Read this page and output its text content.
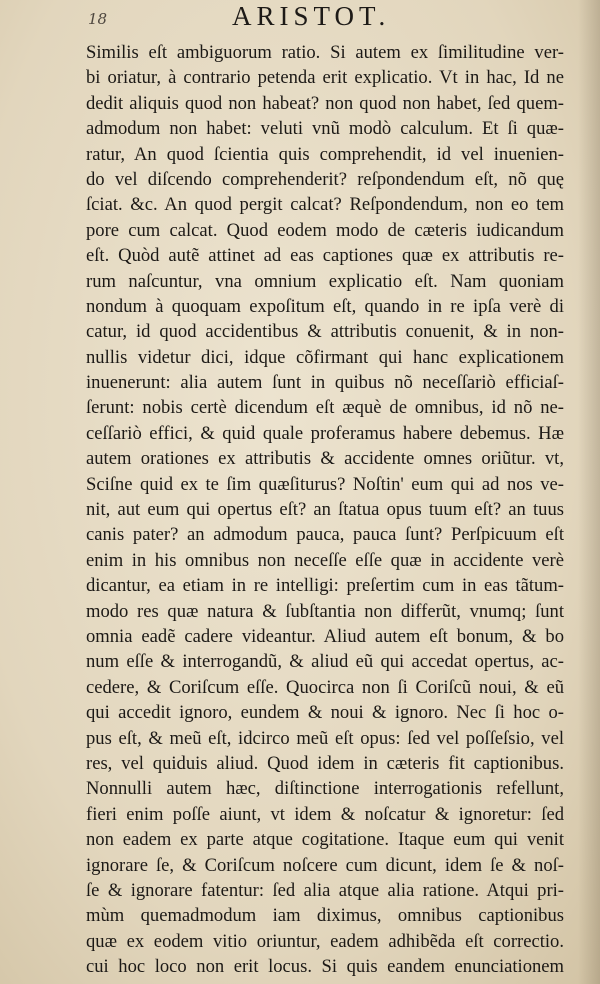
18	ARISTOT.
Similis eſt ambiguorum ratio. Si autem ex ſimilitudine ver-
bi oriatur, à contrario petenda erit explicatio. Vt in hac, Id ne
dedit aliquis quod non habeat? non quod non habet, ſed quem-
admodum non habet: veluti vnũ modò calculum. Et ſi quæ-
ratur, An quod ſcientia quis comprehendit, id vel inuenien-
do vel diſcendo comprehenderit? reſpondendum eſt, nõ quę
ſciat. &c. An quod pergit calcat? Reſpondendum, non eo tem
pore cum calcat. Quod eodem modo de cæteris iudicandum
eſt. Quòd autẽ attinet ad eas captiones quæ ex attributis re-
rum naſcuntur, vna omnium explicatio eſt. Nam quoniam
nondum à quoquam expoſitum eſt, quando in re ipſa verè di
catur, id quod accidentibus & attributis conuenit, & in non-
nullis videtur dici, idque cõfirmant qui hanc explicationem
inuenerunt: alia autem ſunt in quibus nõ neceſſariò efficiaſ-
ſerunt: nobis certè dicendum eſt æquè de omnibus, id nõ ne-
ceſſariò effici, & quid quale proferamus habere debemus. Hæ
autem orationes ex attributis & accidente omnes oriũtur. vt,
Sciſne quid ex te ſim quæſiturus? Noſtin' eum qui ad nos ve-
nit, aut eum qui opertus eſt? an ſtatua opus tuum eſt? an tuus
canis pater? an admodum pauca, pauca ſunt? Perſpicuum eſt
enim in his omnibus non neceſſe eſſe quæ in accidente verè
dicantur, ea etiam in re intelligi: preſertim cum in eas tãtum-
modo res quæ natura & ſubſtantia non differũt, vnumq; ſunt
omnia eadẽ cadere videantur. Aliud autem eſt bonum, & bo
num eſſe & interrogandũ, & aliud eũ qui accedat opertus, ac-
cedere, & Coriſcum eſſe. Quocirca non ſi Coriſcũ noui, & eũ
qui accedit ignoro, eundem & noui & ignoro. Nec ſi hoc o-
pus eſt, & meũ eſt, idcirco meũ eſt opus: ſed vel poſſeſsio, vel
res, vel quiduis aliud. Quod idem in cæteris fit captionibus.
Nonnulli autem hæc, diſtinctione interrogationis refellunt,
fieri enim poſſe aiunt, vt idem & noſcatur & ignoretur: ſed
non eadem ex parte atque cogitatione. Itaque eum qui venit
ignorare ſe, & Coriſcum noſcere cum dicunt, idem ſe & noſ-
ſe & ignorare fatentur: ſed alia atque alia ratione. Atqui pri-
mùm quemadmodum iam diximus, omnibus captionibus
quæ ex eodem vitio oriuntur, eadem adhibẽda eſt correctio.
cui hoc loco non erit locus. Si quis eandem enunciationem
